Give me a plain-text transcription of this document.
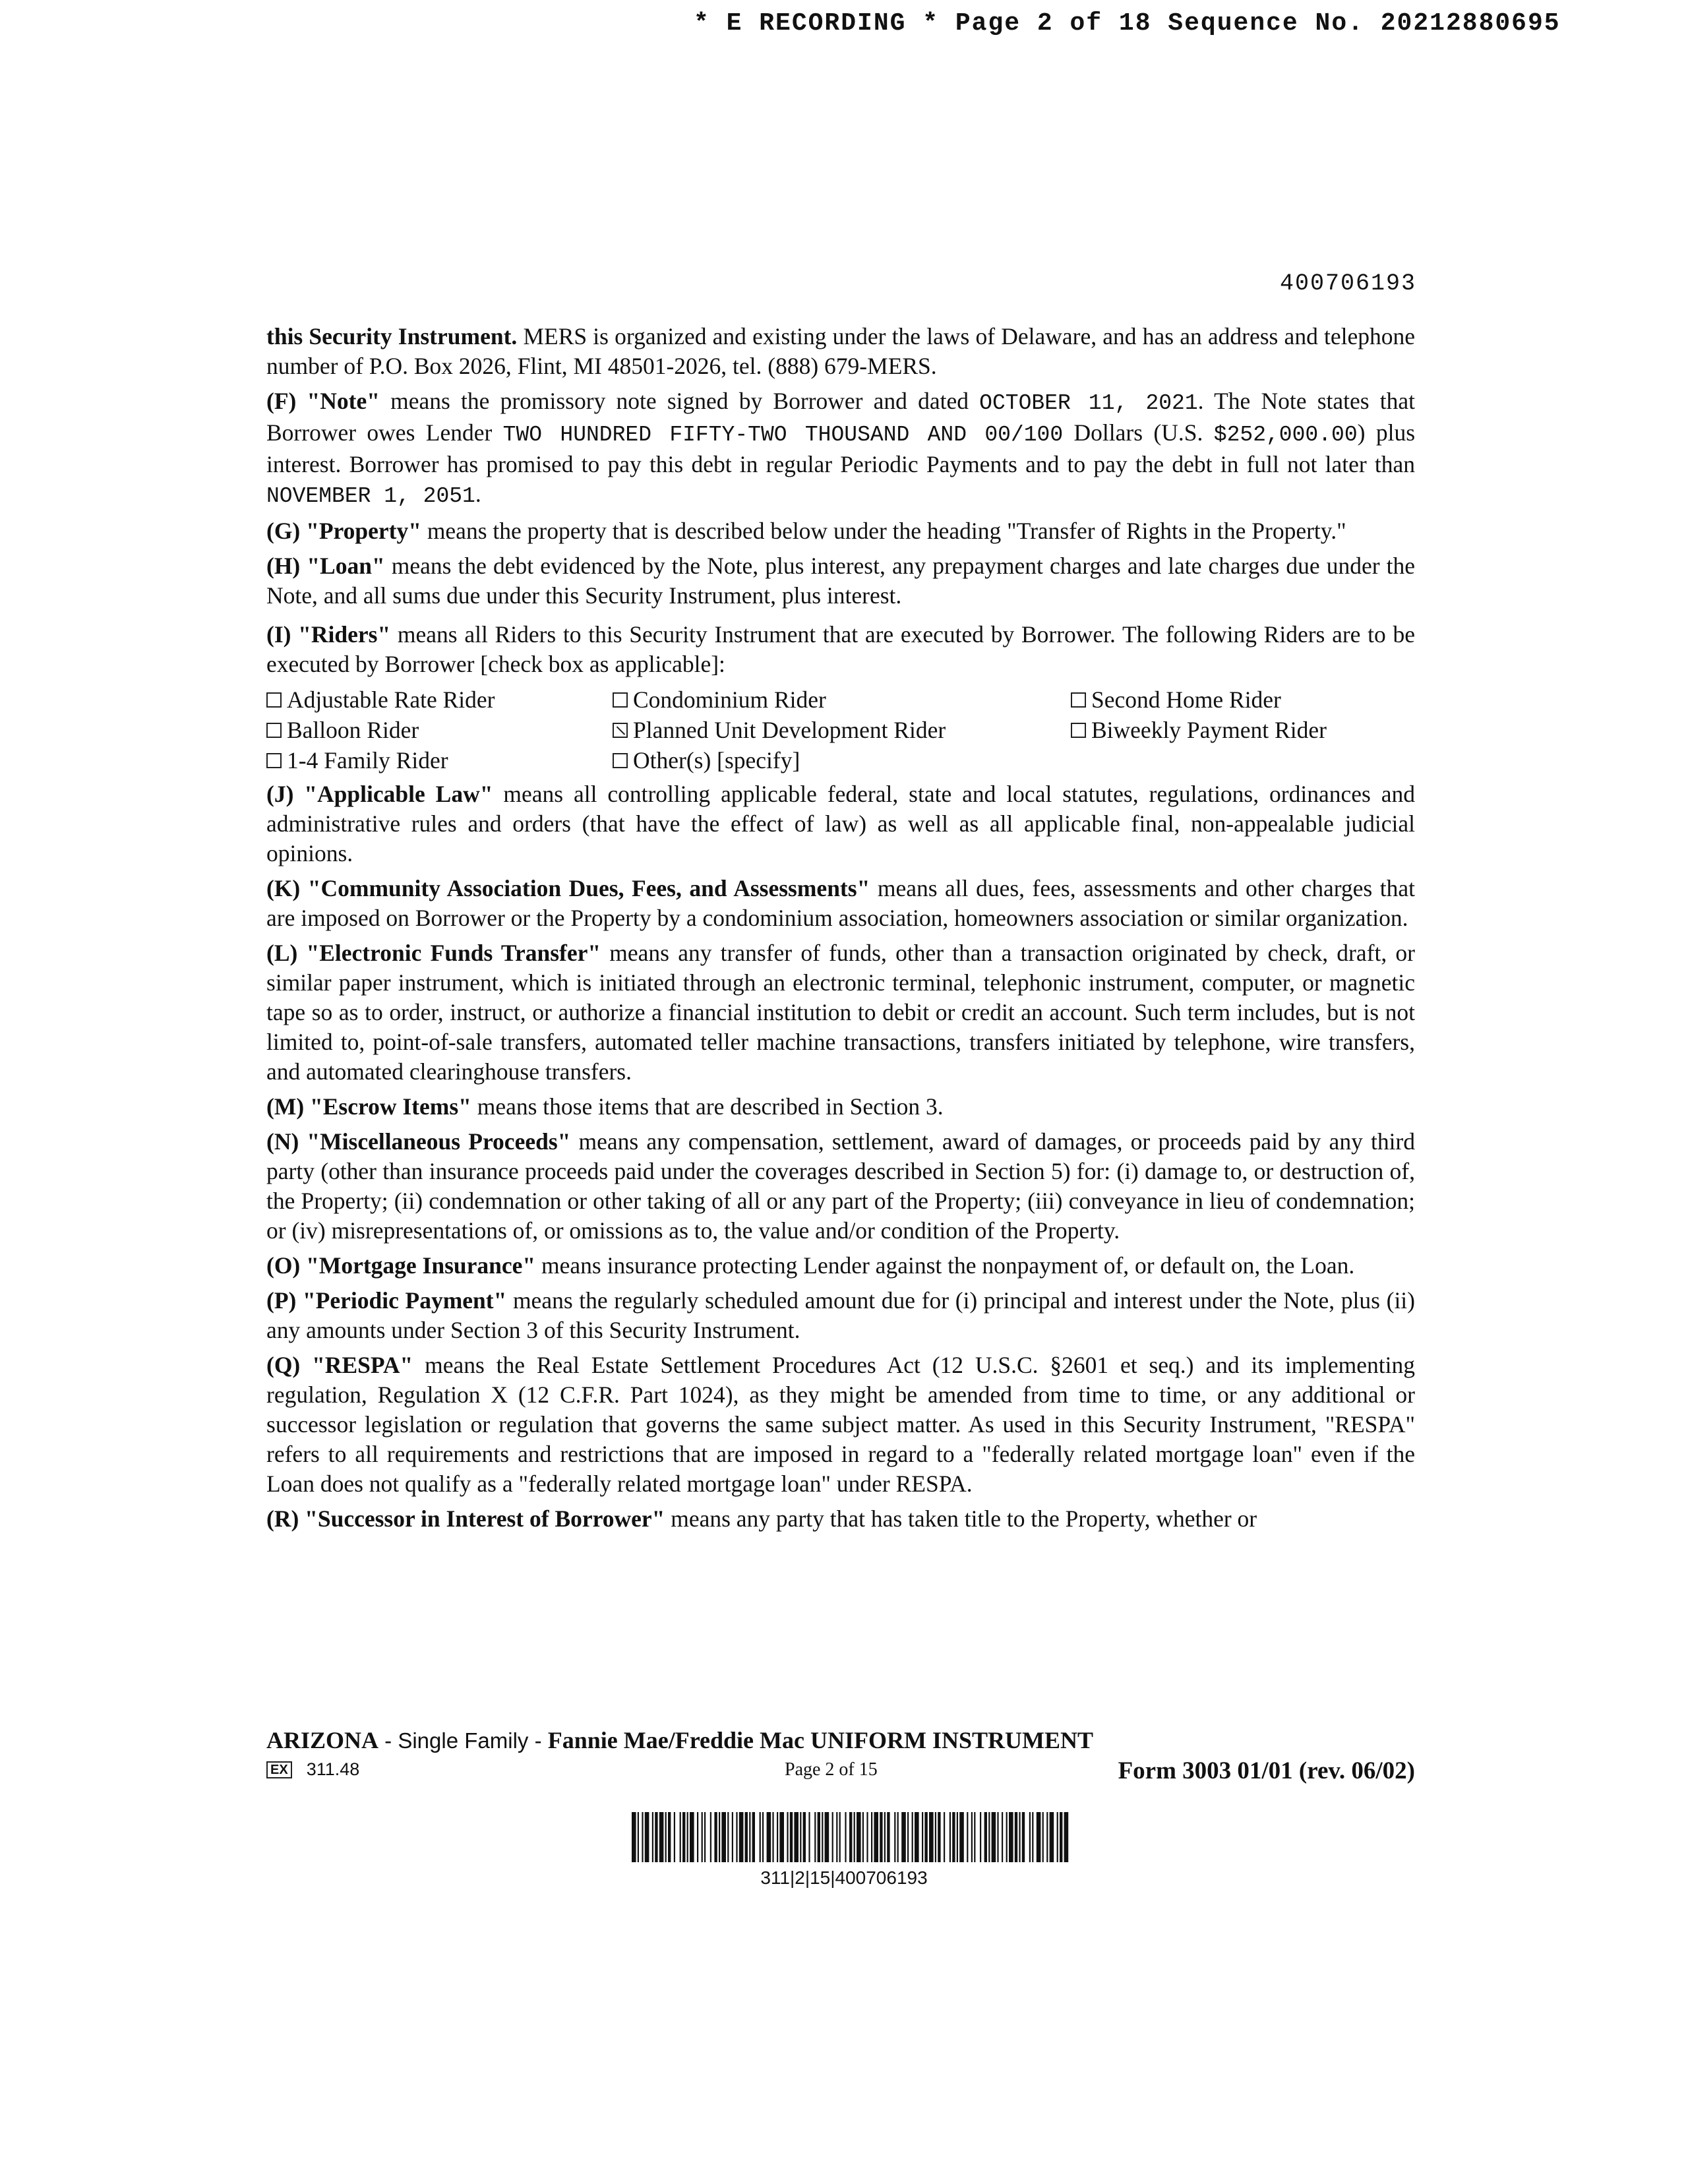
* E RECORDING * Page 2 of 18 Sequence No. 20212880695
400706193

this Security Instrument. MERS is organized and existing under the laws of Delaware, and has an address and telephone number of P.O. Box 2026, Flint, MI 48501-2026, tel. (888) 679-MERS.

(F) "Note" means the promissory note signed by Borrower and dated OCTOBER 11, 2021. The Note states that Borrower owes Lender TWO HUNDRED FIFTY-TWO THOUSAND AND 00/100 Dollars (U.S. $252,000.00) plus interest. Borrower has promised to pay this debt in regular Periodic Payments and to pay the debt in full not later than NOVEMBER 1, 2051.

(G) "Property" means the property that is described below under the heading "Transfer of Rights in the Property."

(H) "Loan" means the debt evidenced by the Note, plus interest, any prepayment charges and late charges due under the Note, and all sums due under this Security Instrument, plus interest.

(I) "Riders" means all Riders to this Security Instrument that are executed by Borrower. The following Riders are to be executed by Borrower [check box as applicable]:

Adjustable Rate Rider	Condominium Rider	Second Home Rider
Balloon Rider	Planned Unit Development Rider	Biweekly Payment Rider
1-4 Family Rider	Other(s) [specify]

(J) "Applicable Law" means all controlling applicable federal, state and local statutes, regulations, ordinances and administrative rules and orders (that have the effect of law) as well as all applicable final, non-appealable judicial opinions.

(K) "Community Association Dues, Fees, and Assessments" means all dues, fees, assessments and other charges that are imposed on Borrower or the Property by a condominium association, homeowners association or similar organization.

(L) "Electronic Funds Transfer" means any transfer of funds, other than a transaction originated by check, draft, or similar paper instrument, which is initiated through an electronic terminal, telephonic instrument, computer, or magnetic tape so as to order, instruct, or authorize a financial institution to debit or credit an account. Such term includes, but is not limited to, point-of-sale transfers, automated teller machine transactions, transfers initiated by telephone, wire transfers, and automated clearinghouse transfers.

(M) "Escrow Items" means those items that are described in Section 3.

(N) "Miscellaneous Proceeds" means any compensation, settlement, award of damages, or proceeds paid by any third party (other than insurance proceeds paid under the coverages described in Section 5) for: (i) damage to, or destruction of, the Property; (ii) condemnation or other taking of all or any part of the Property; (iii) conveyance in lieu of condemnation; or (iv) misrepresentations of, or omissions as to, the value and/or condition of the Property.

(O) "Mortgage Insurance" means insurance protecting Lender against the nonpayment of, or default on, the Loan.

(P) "Periodic Payment" means the regularly scheduled amount due for (i) principal and interest under the Note, plus (ii) any amounts under Section 3 of this Security Instrument.

(Q) "RESPA" means the Real Estate Settlement Procedures Act (12 U.S.C. §2601 et seq.) and its implementing regulation, Regulation X (12 C.F.R. Part 1024), as they might be amended from time to time, or any additional or successor legislation or regulation that governs the same subject matter. As used in this Security Instrument, "RESPA" refers to all requirements and restrictions that are imposed in regard to a "federally related mortgage loan" even if the Loan does not qualify as a "federally related mortgage loan" under RESPA.

(R) "Successor in Interest of Borrower" means any party that has taken title to the Property, whether or

ARIZONA - Single Family - Fannie Mae/Freddie Mac UNIFORM INSTRUMENT
EX 311.48	Page 2 of 15	Form 3003 01/01 (rev. 06/02)
311|2|15|400706193
